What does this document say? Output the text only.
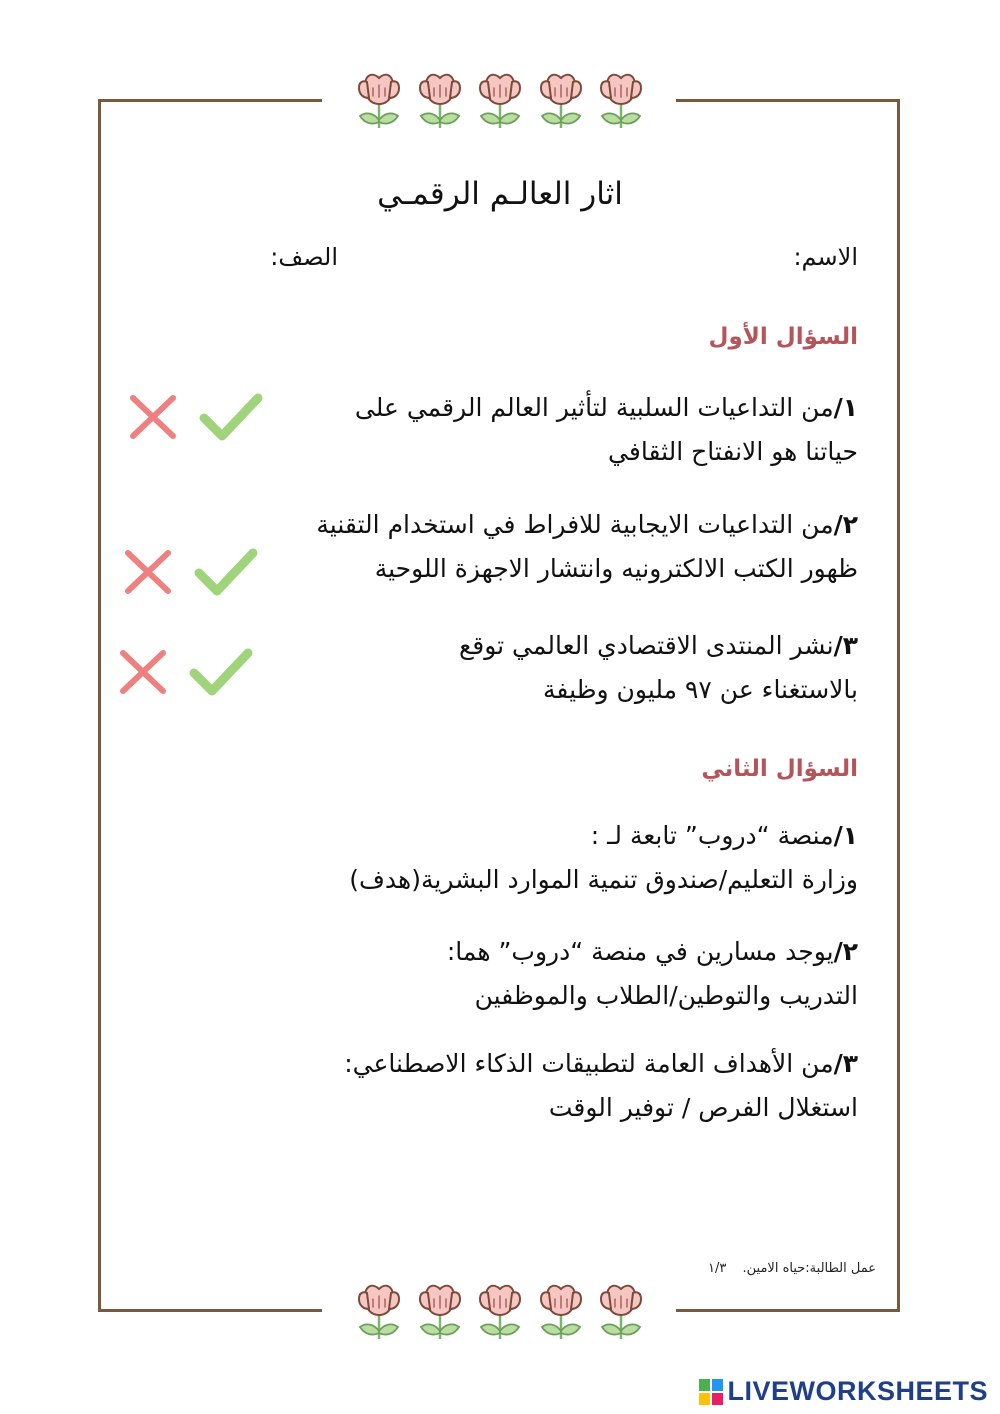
اثار العالـم الرقمـي
الاسم:
الصف:
السؤال الأول
١/من التداعيات السلبية لتأثير العالم الرقمي على
حياتنا هو الانفتاح الثقافي
٢/من التداعيات الايجابية للافراط في استخدام التقنية
ظهور الكتب الالكترونيه وانتشار الاجهزة اللوحية
٣/نشر المنتدى الاقتصادي العالمي توقع
بالاستغناء عن ٩٧ مليون وظيفة
السؤال الثاني
١/منصة “دروب” تابعة لـ :
وزارة التعليم/صندوق تنمية الموارد البشرية(هدف)
٢/يوجد مسارين في منصة “دروب” هما:
التدريب والتوطين/الطلاب والموظفين
٣/من الأهداف العامة لتطبيقات الذكاء الاصطناعي:
استغلال الفرص / توفير الوقت
عمل الطالبة:حياه الامين. ١/٣
LIVEWORKSHEETS
